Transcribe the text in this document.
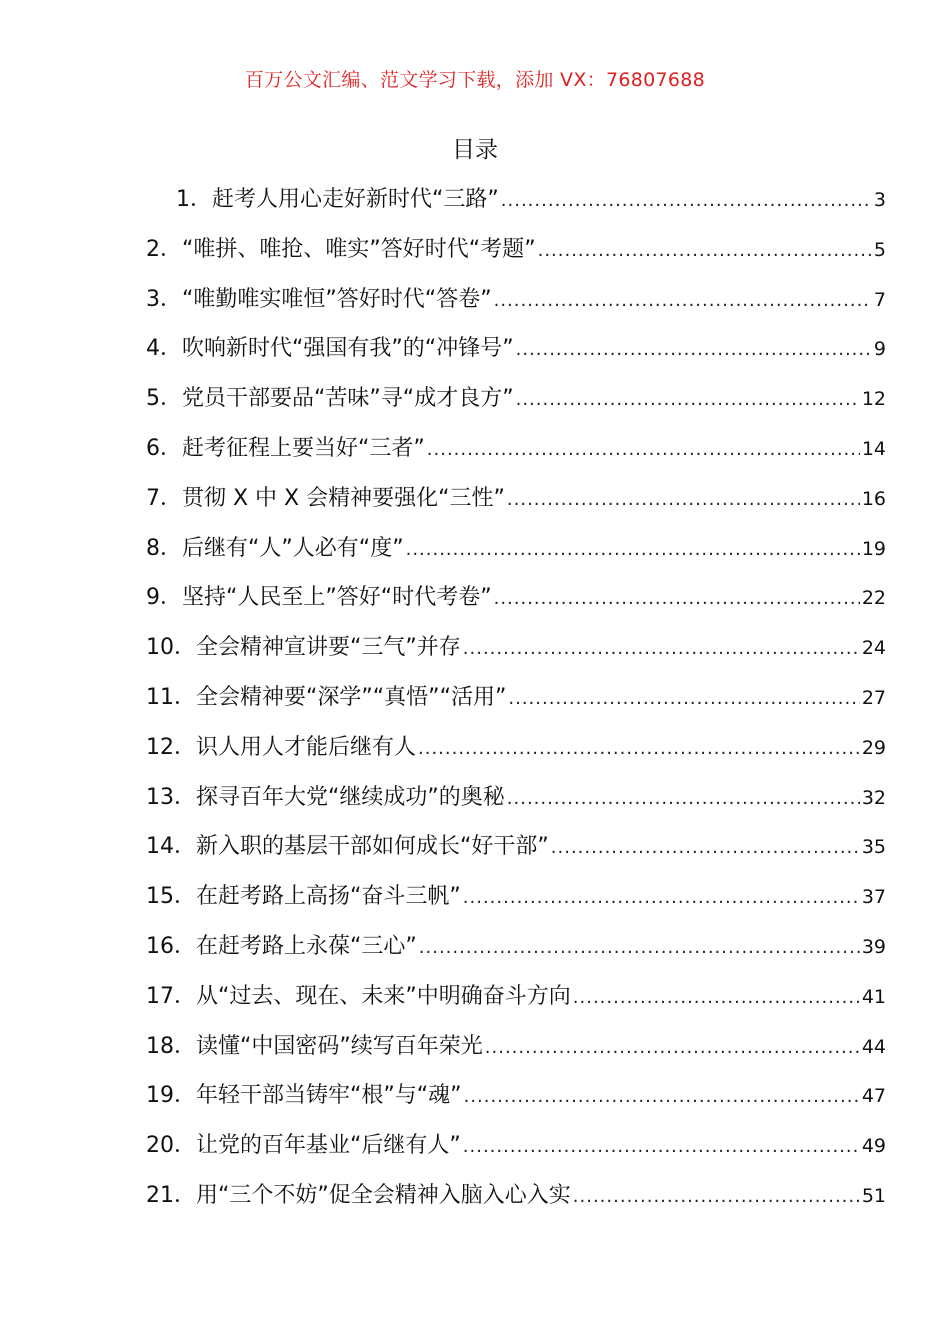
百万公文汇编、范文学习下载，添加 VX：76807688
目录
1．赶考人用心走好新时代“三路” .....	3
2．“唯拼、唯抢、唯实”答好时代“考题” .....	5
3．“唯勤唯实唯恒”答好时代“答卷” .....	7
4．吹响新时代“强国有我”的“冲锋号” .....	9
5．党员干部要品“苦味”寻“成才良方” .....	12
6．赶考征程上要当好“三者” .....	14
7．贯彻 X 中 X 会精神要强化“三性” .....	16
8．后继有“人”人必有“度” .....	19
9．坚持“人民至上”答好“时代考卷” .....	22
10．全会精神宣讲要“三气”并存 .....	24
11．全会精神要“深学”“真悟”“活用” .....	27
12．识人用人才能后继有人 .....	29
13．探寻百年大党“继续成功”的奥秘 .....	32
14．新入职的基层干部如何成长“好干部” .....	35
15．在赶考路上高扬“奋斗三帆” .....	37
16．在赶考路上永葆“三心” .....	39
17．从“过去、现在、未来”中明确奋斗方向 .....	41
18．读懂“中国密码”续写百年荣光 .....	44
19．年轻干部当铸牢“根”与“魂” .....	47
20．让党的百年基业“后继有人” .....	49
21．用“三个不妨”促全会精神入脑入心入实 .....	51
